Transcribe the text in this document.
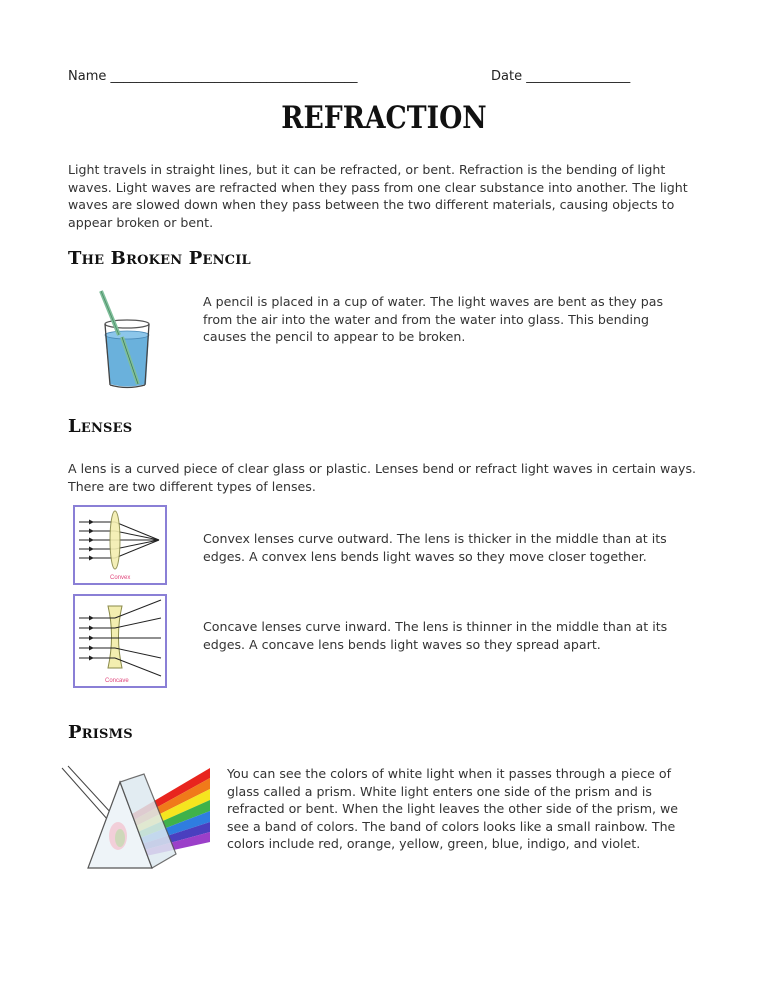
Name ______________________________________	Date ________________
REFRACTION
Light travels in straight lines, but it can be refracted, or bent. Refraction is the bending of light waves. Light waves are refracted when they pass from one clear substance into another. The light waves are slowed down when they pass between the two different materials, causing objects to appear broken or bent.
The Broken Pencil
A pencil is placed in a cup of water. The light waves are bent as they pas from the air into the water and from the water into glass. This bending causes the pencil to appear to be broken.
Lenses
A lens is a curved piece of clear glass or plastic. Lenses bend or refract light waves in certain ways. There are two different types of lenses.
Convex
Convex lenses curve outward. The lens is thicker in the middle than at its edges. A convex lens bends light waves so they move closer together.
Concave
Concave lenses curve inward. The lens is thinner in the middle than at its edges. A concave lens bends light waves so they spread apart.
Prisms
You can see the colors of white light when it passes through a piece of glass called a prism. White light enters one side of the prism and is refracted or bent. When the light leaves the other side of the prism, we see a band of colors. The band of colors looks like a small rainbow. The colors include red, orange, yellow, green, blue, indigo, and violet.
